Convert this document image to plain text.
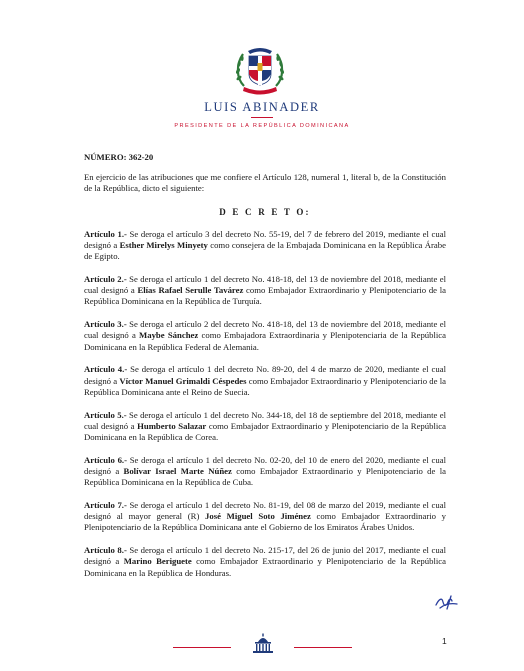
LUIS ABINADER
PRESIDENTE DE LA REPÚBLICA DOMINICANA

NÚMERO: 362-20

En ejercicio de las atribuciones que me confiere el Artículo 128, numeral 1, literal b, de la Constitución de la República, dicto el siguiente:

D E C R E T O:

Artículo 1.- Se deroga el artículo 3 del decreto No. 55-19, del 7 de febrero del 2019, mediante el cual designó a Esther Mirelys Minyety como consejera de la Embajada Dominicana en la República Árabe de Egipto.

Artículo 2.- Se deroga el artículo 1 del decreto No. 418-18, del 13 de noviembre del 2018, mediante el cual designó a Elías Rafael Serulle Tavárez como Embajador Extraordinario y Plenipotenciario de la República Dominicana en la República de Turquía.

Artículo 3.- Se deroga el artículo 2 del decreto No. 418-18, del 13 de noviembre del 2018, mediante el cual designó a Maybe Sánchez como Embajadora Extraordinaria y Plenipotenciaria de la República Dominicana en la República Federal de Alemania.

Artículo 4.- Se deroga el artículo 1 del decreto No. 89-20, del 4 de marzo de 2020, mediante el cual designó a Víctor Manuel Grimaldi Céspedes como Embajador Extraordinario y Plenipotenciario de la República Dominicana ante el Reino de Suecia.

Artículo 5.- Se deroga el artículo 1 del decreto No. 344-18, del 18 de septiembre del 2018, mediante el cual designó a Humberto Salazar como Embajador Extraordinario y Plenipotenciario de la República Dominicana en la República de Corea.

Artículo 6.- Se deroga el artículo 1 del decreto No. 02-20, del 10 de enero del 2020, mediante el cual designó a Bolívar Israel Marte Núñez como Embajador Extraordinario y Plenipotenciario de la República Dominicana en la República de Cuba.

Artículo 7.- Se deroga el artículo 1 del decreto No. 81-19, del 08 de marzo del 2019, mediante el cual designó al mayor general (R) José Miguel Soto Jiménez como Embajador Extraordinario y Plenipotenciario de la República Dominicana ante el Gobierno de los Emiratos Árabes Unidos.

Artículo 8.- Se deroga el artículo 1 del decreto No. 215-17, del 26 de junio del 2017, mediante el cual designó a Marino Beriguete como Embajador Extraordinario y Plenipotenciario de la República Dominicana en la República de Honduras.

1
